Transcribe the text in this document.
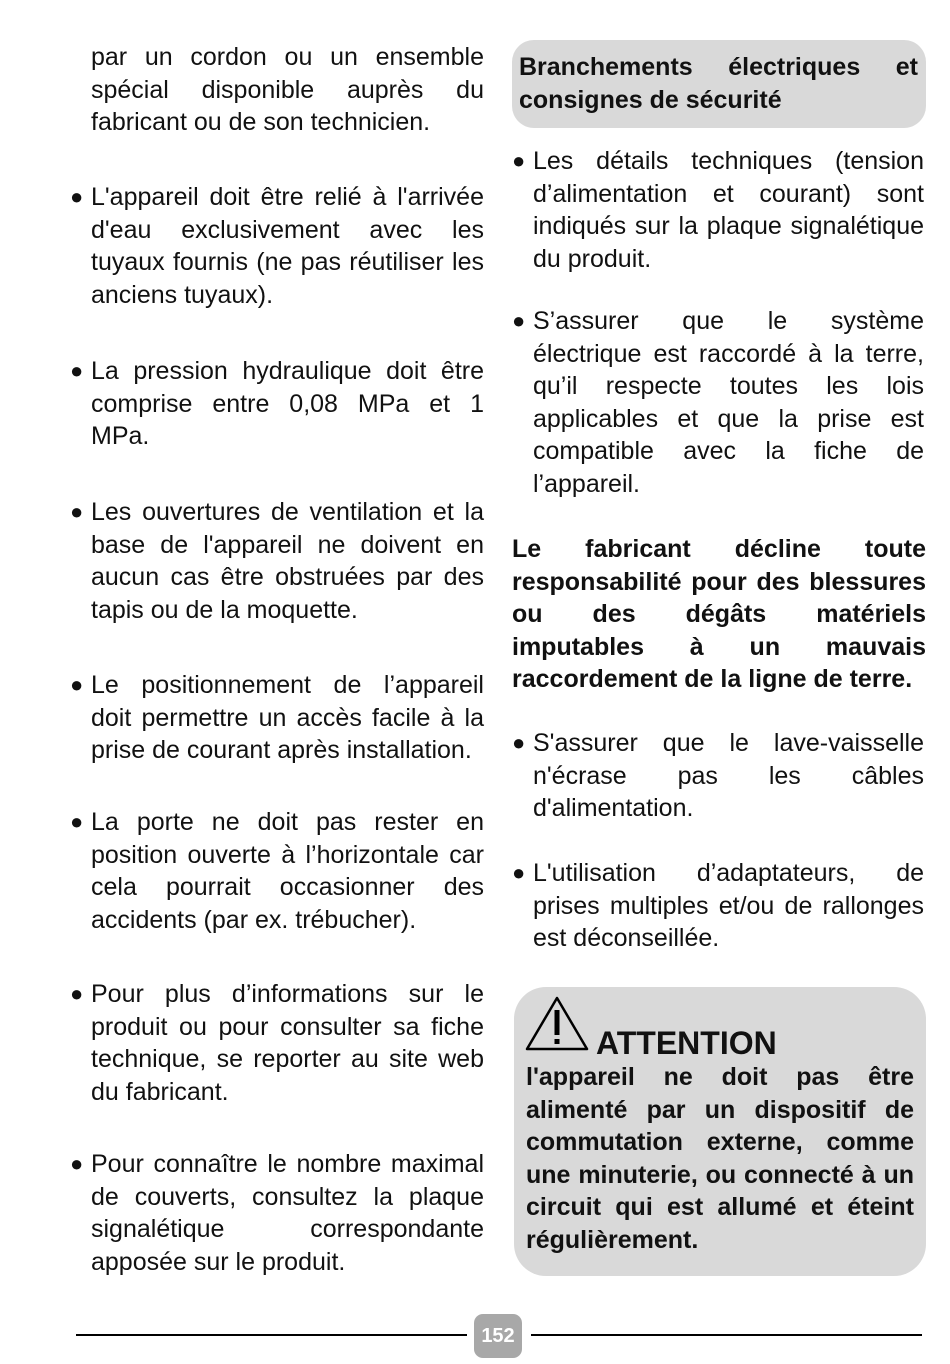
par un cordon ou un ensemble spécial disponible auprès du fabricant ou de son technicien.

● L'appareil doit être relié à l'arrivée d'eau exclusivement avec les tuyaux fournis (ne pas réutiliser les anciens tuyaux).

● La pression hydraulique doit être comprise entre 0,08 MPa et 1 MPa.

● Les ouvertures de ventilation et la base de l'appareil ne doivent en aucun cas être obstruées par des tapis ou de la moquette.

● Le positionnement de l’appareil doit permettre un accès facile à la prise de courant après installation.

● La porte ne doit pas rester en position ouverte à l’horizontale car cela pourrait occasionner des accidents (par ex. trébucher).

● Pour plus d’informations sur le produit ou pour consulter sa fiche technique, se reporter au site web du fabricant.

● Pour connaître le nombre maximal de couverts, consultez la plaque signalétique correspondante apposée sur le produit.

Branchements électriques et consignes de sécurité

● Les détails techniques (tension d’alimentation et courant) sont indiqués sur la plaque signalétique du produit.

● S’assurer que le système électrique est raccordé à la terre, qu’il respecte toutes les lois applicables et que la prise est compatible avec la fiche de l’appareil.

● S'assurer que le lave-vaisselle n'écrase pas les câbles d'alimentation.

● L'utilisation d’adaptateurs, de prises multiples et/ou de rallonges est déconseillée.

Le fabricant décline toute responsabilité pour des blessures ou des dégâts matériels imputables à un mauvais raccordement de la ligne de terre.

ATTENTION

l'appareil ne doit pas être alimenté par un dispositif de commutation externe, comme une minuterie, ou connecté à un circuit qui est allumé et éteint régulièrement.

152
